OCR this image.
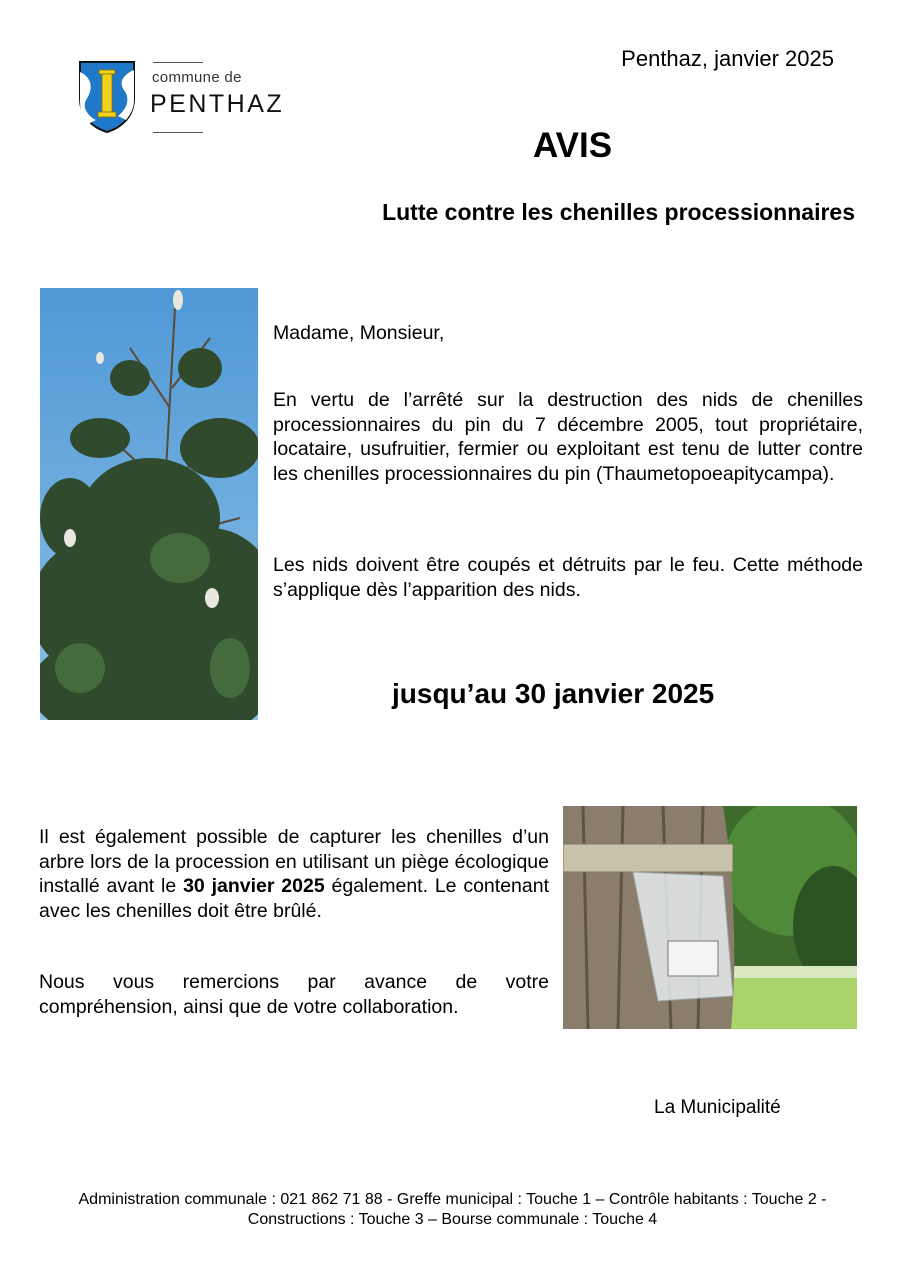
commune de
PENTHAZ
Penthaz, janvier 2025
AVIS
Lutte contre les chenilles processionnaires
Madame, Monsieur,
En vertu de l’arrêté sur la destruction des nids de chenilles processionnaires du pin du 7 décembre 2005, tout propriétaire, locataire, usufruitier, fermier ou exploitant est tenu de lutter contre les chenilles processionnaires du pin (Thaumetopoeapitycampa).
Les nids doivent être coupés et détruits par le feu. Cette méthode s’applique dès l’apparition des nids.
jusqu’au 30 janvier 2025
Il est également possible de capturer les chenilles d’un arbre lors de la procession en utilisant un piège écologique installé avant le 30 janvier 2025 également. Le contenant avec les chenilles doit être brûlé.
Nous vous remercions par avance de votre compréhension, ainsi que de votre collaboration.
La Municipalité
Administration communale : 021 862 71 88 - Greffe municipal : Touche 1 – Contrôle habitants : Touche 2 -
Constructions : Touche 3 – Bourse communale : Touche 4
